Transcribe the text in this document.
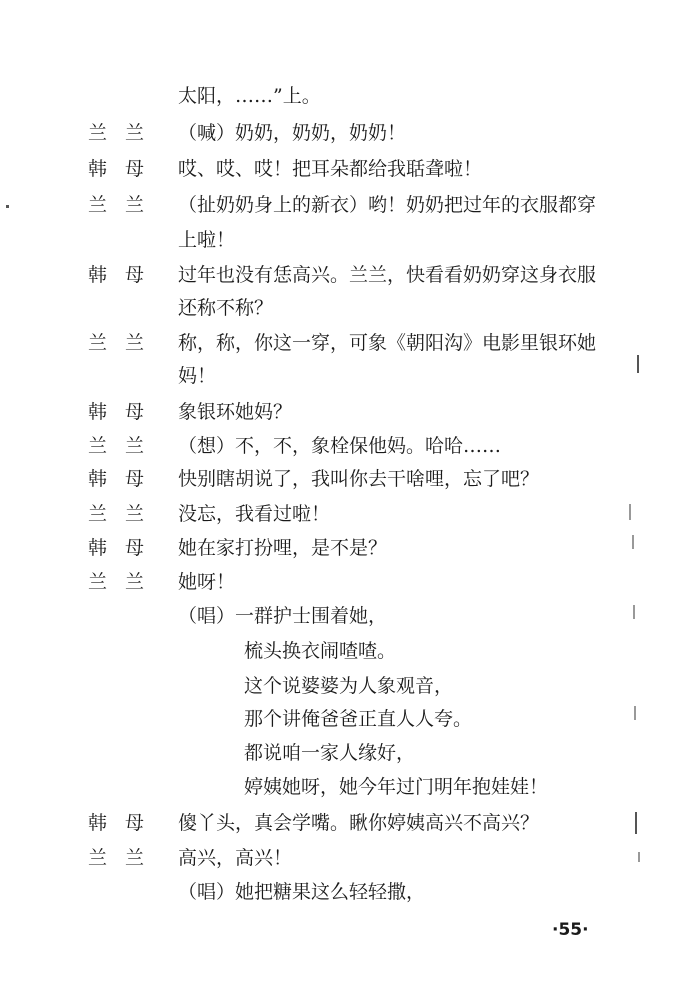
太阳，……”上。
兰兰 （喊）奶奶，奶奶，奶奶！
韩母 哎、哎、哎！把耳朵都给我聒聋啦！
兰兰 （扯奶奶身上的新衣）哟！奶奶把过年的衣服都穿
上啦！
韩母 过年也没有恁高兴。兰兰，快看看奶奶穿这身衣服
还称不称？
兰兰 称，称，你这一穿，可象《朝阳沟》电影里银环她
妈！
韩母 象银环她妈？
兰兰 （想）不，不，象栓保他妈。哈哈……
韩母 快别瞎胡说了，我叫你去干啥哩，忘了吧？
兰兰 没忘，我看过啦！
韩母 她在家打扮哩，是不是？
兰兰 她呀！
（唱）一群护士围着她，
梳头换衣闹喳喳。
这个说婆婆为人象观音，
那个讲俺爸爸正直人人夸。
都说咱一家人缘好，
婷姨她呀，她今年过门明年抱娃娃！
韩母 傻丫头，真会学嘴。瞅你婷姨高兴不高兴？
兰兰 高兴，高兴！
（唱）她把糖果这么轻轻撒，
·55·
